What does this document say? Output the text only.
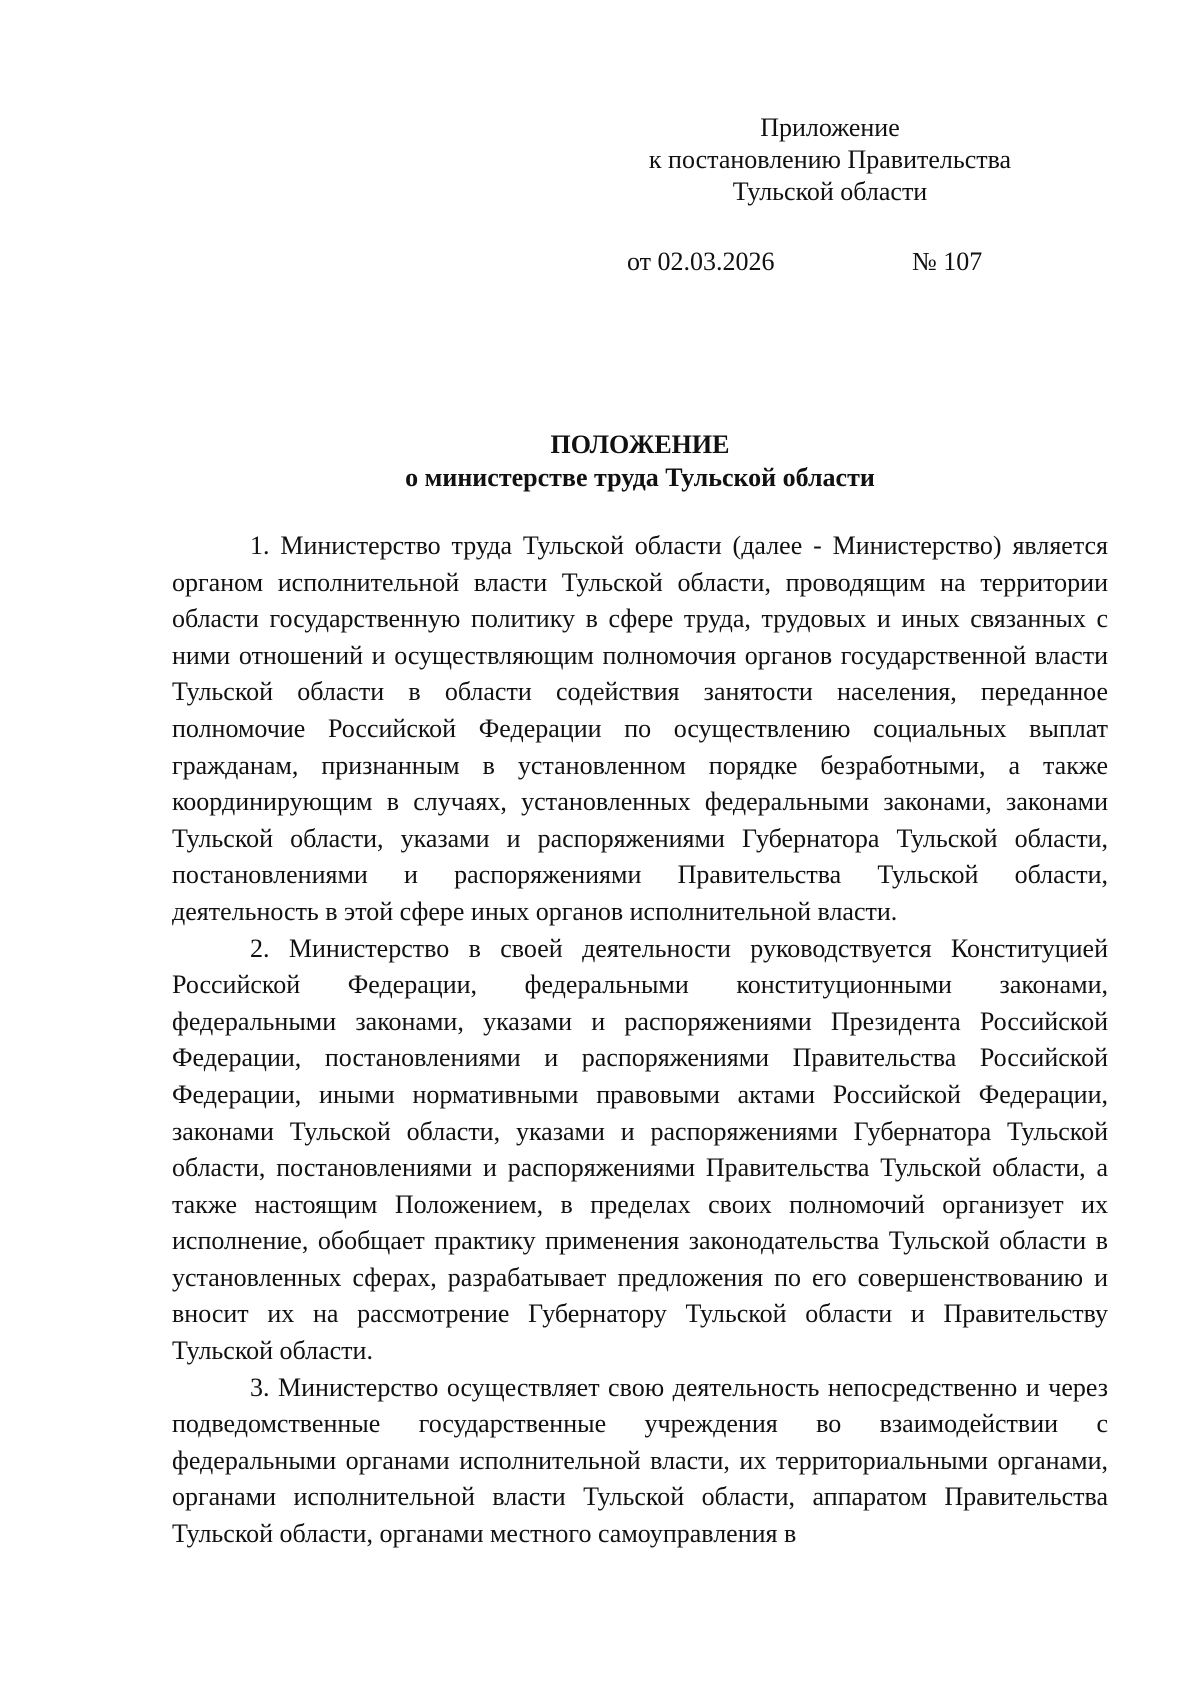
Приложение
к постановлению Правительства
Тульской области
от 02.03.2026	№ 107
ПОЛОЖЕНИЕ
о министерстве труда Тульской области

1. Министерство труда Тульской области (далее - Министерство) является органом исполнительной власти Тульской области, проводящим на территории области государственную политику в сфере труда, трудовых и иных связанных с ними отношений и осуществляющим полномочия органов государственной власти Тульской области в области содействия занятости населения, переданное полномочие Российской Федерации по осуществлению социальных выплат гражданам, признанным в установленном порядке безработными, а также координирующим в случаях, установленных федеральными законами, законами Тульской области, указами и распоряжениями Губернатора Тульской области, постановлениями и распоряжениями Правительства Тульской области, деятельность в этой сфере иных органов исполнительной власти.

2. Министерство в своей деятельности руководствуется Конституцией Российской Федерации, федеральными конституционными законами, федеральными законами, указами и распоряжениями Президента Российской Федерации, постановлениями и распоряжениями Правительства Российской Федерации, иными нормативными правовыми актами Российской Федерации, законами Тульской области, указами и распоряжениями Губернатора Тульской области, постановлениями и распоряжениями Правительства Тульской области, а также настоящим Положением, в пределах своих полномочий организует их исполнение, обобщает практику применения законодательства Тульской области в установленных сферах, разрабатывает предложения по его совершенствованию и вносит их на рассмотрение Губернатору Тульской области и Правительству Тульской области.

3. Министерство осуществляет свою деятельность непосредственно и через подведомственные государственные учреждения во взаимодействии с федеральными органами исполнительной власти, их территориальными органами, органами исполнительной власти Тульской области, аппаратом Правительства Тульской области, органами местного самоуправления в
